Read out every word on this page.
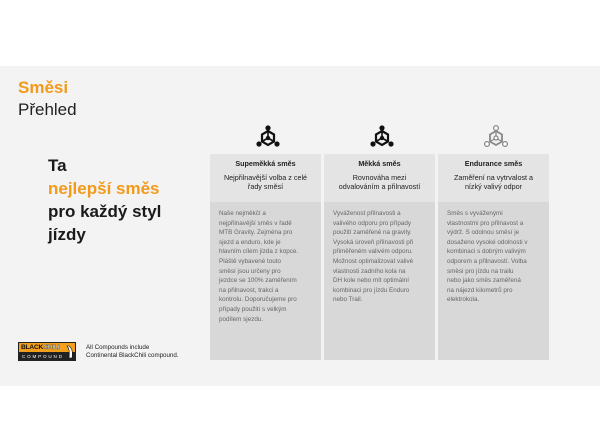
Směsi
Přehled
Ta
nejlepší směs
pro každý styl
jízdy
Supeměkká směs
Nejpřilnavější volba z celé
řady směsí
Naše nejměkčí a
nejpřilnavější směs v řadě
MTB Gravity. Zejména pro
sjezd a enduro, kde je
hlavním cílem jízda z kopce.
Pláště vybavené touto
směsí jsou určeny pro
jezdce se 100% zaměřením
na přilnavost, trakci a
kontrolu. Doporučujeme pro
případy použití s velkým
podílem sjezdu.
Měkká směs
Rovnováha mezi
odvalováním a přilnavostí
Vyváženost přilnavosti a
valivého odporu pro případy
použití zaměřené na gravity.
Vysoká úroveň přilnavosti při
přiměřeném valivém odporu.
Možnost optimalizovat valivé
vlastnosti zadního kola na
DH kole nebo mít optimální
kombinaci pro jízdu Enduro
nebo Trail.
Endurance směs
Zaměření na vytrvalost a
nízký valivý odpor
Směs s vyváženými
vlastnostmi pro přilnavost a
výdrž. S odolnou směsí je
dosaženo vysoké odolnosti v
kombinaci s dobrým valivým
odporem a přilnavostí. Volba
směsi pro jízdu na trailu
nebo jako směs zaměřená
na nájezd kilometrů pro
elektrokola.
BLACKCHILI
COMPOUND
All Compounds include
Continental BlackChili compound.
